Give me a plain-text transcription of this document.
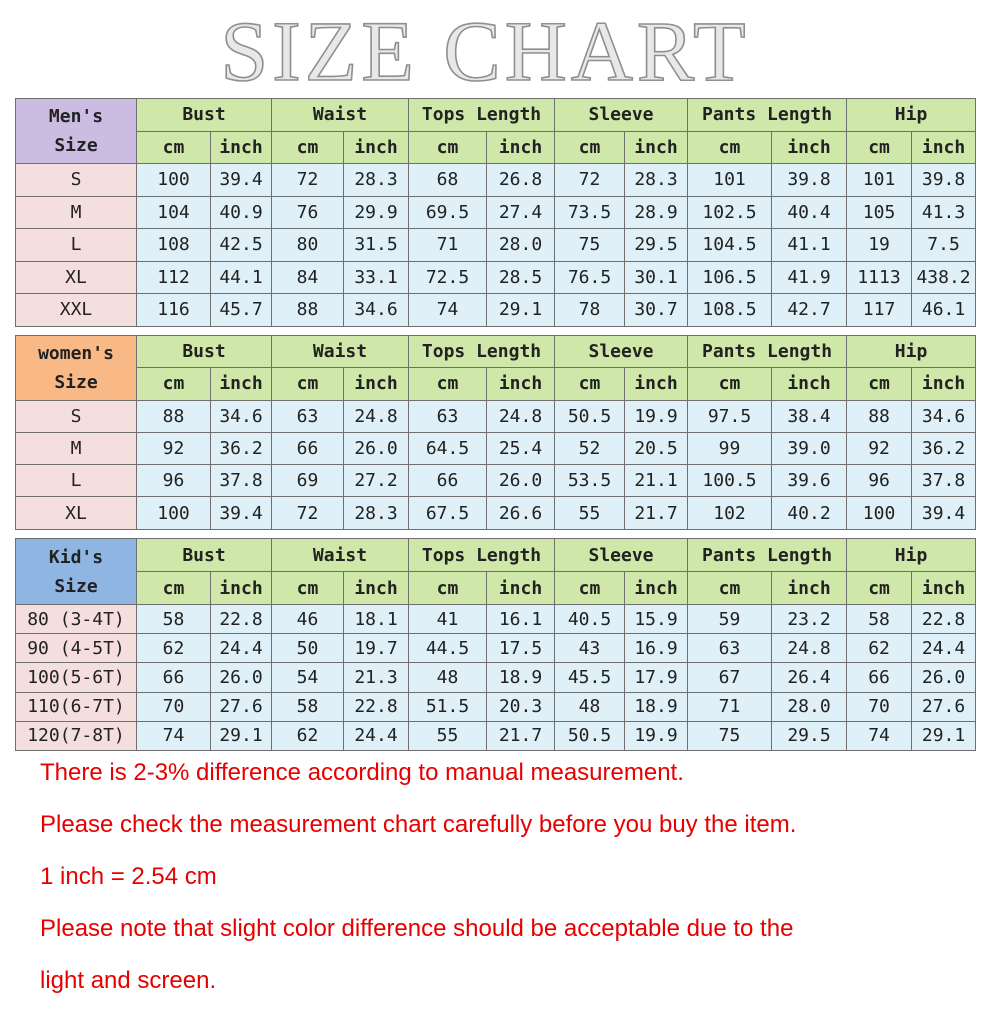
SIZE CHART
Men's
Size	Bust		Waist		Tops Length		Sleeve		Pants Length		Hip	
	cm	inch	cm	inch	cm	inch	cm	inch	cm	inch	cm	inch
S	100	39.4	72	28.3	68	26.8	72	28.3	101	39.8	101	39.8
M	104	40.9	76	29.9	69.5	27.4	73.5	28.9	102.5	40.4	105	41.3
L	108	42.5	80	31.5	71	28.0	75	29.5	104.5	41.1	19	7.5
XL	112	44.1	84	33.1	72.5	28.5	76.5	30.1	106.5	41.9	1113	438.2
XXL	116	45.7	88	34.6	74	29.1	78	30.7	108.5	42.7	117	46.1
women's
Size	Bust		Waist		Tops Length		Sleeve		Pants Length		Hip	
	cm	inch	cm	inch	cm	inch	cm	inch	cm	inch	cm	inch
S	88	34.6	63	24.8	63	24.8	50.5	19.9	97.5	38.4	88	34.6
M	92	36.2	66	26.0	64.5	25.4	52	20.5	99	39.0	92	36.2
L	96	37.8	69	27.2	66	26.0	53.5	21.1	100.5	39.6	96	37.8
XL	100	39.4	72	28.3	67.5	26.6	55	21.7	102	40.2	100	39.4
Kid's
Size	Bust		Waist		Tops Length		Sleeve		Pants Length		Hip	
	cm	inch	cm	inch	cm	inch	cm	inch	cm	inch	cm	inch
80 (3-4T)	58	22.8	46	18.1	41	16.1	40.5	15.9	59	23.2	58	22.8
90 (4-5T)	62	24.4	50	19.7	44.5	17.5	43	16.9	63	24.8	62	24.4
100(5-6T)	66	26.0	54	21.3	48	18.9	45.5	17.9	67	26.4	66	26.0
110(6-7T)	70	27.6	58	22.8	51.5	20.3	48	18.9	71	28.0	70	27.6
120(7-8T)	74	29.1	62	24.4	55	21.7	50.5	19.9	75	29.5	74	29.1

There is 2-3% difference according to manual measurement.

Please check the measurement chart carefully before you buy the item.

1 inch = 2.54 cm

Please note that slight color difference should be acceptable due to the

light and screen.
